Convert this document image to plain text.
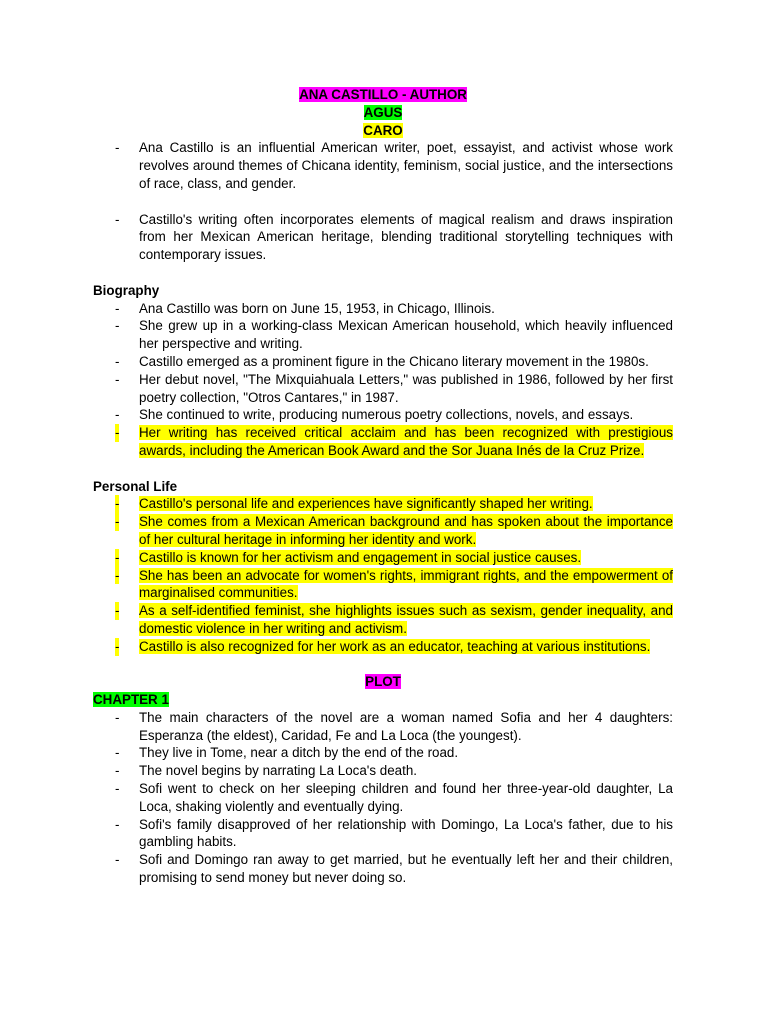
ANA CASTILLO - AUTHOR
AGUS
CARO
- Ana Castillo is an influential American writer, poet, essayist, and activist whose work revolves around themes of Chicana identity, feminism, social justice, and the intersections of race, class, and gender.
- Castillo's writing often incorporates elements of magical realism and draws inspiration from her Mexican American heritage, blending traditional storytelling techniques with contemporary issues.
Biography
- Ana Castillo was born on June 15, 1953, in Chicago, Illinois.
- She grew up in a working-class Mexican American household, which heavily influenced her perspective and writing.
- Castillo emerged as a prominent figure in the Chicano literary movement in the 1980s.
- Her debut novel, "The Mixquiahuala Letters," was published in 1986, followed by her first poetry collection, "Otros Cantares," in 1987.
- She continued to write, producing numerous poetry collections, novels, and essays.
- Her writing has received critical acclaim and has been recognized with prestigious awards, including the American Book Award and the Sor Juana Inés de la Cruz Prize.
Personal Life
- Castillo's personal life and experiences have significantly shaped her writing.
- She comes from a Mexican American background and has spoken about the importance of her cultural heritage in informing her identity and work.
- Castillo is known for her activism and engagement in social justice causes.
- She has been an advocate for women's rights, immigrant rights, and the empowerment of marginalised communities.
- As a self-identified feminist, she highlights issues such as sexism, gender inequality, and domestic violence in her writing and activism.
- Castillo is also recognized for her work as an educator, teaching at various institutions.
PLOT
CHAPTER 1
- The main characters of the novel are a woman named Sofia and her 4 daughters: Esperanza (the eldest), Caridad, Fe and La Loca (the youngest).
- They live in Tome, near a ditch by the end of the road.
- The novel begins by narrating La Loca's death.
- Sofi went to check on her sleeping children and found her three-year-old daughter, La Loca, shaking violently and eventually dying.
- Sofi's family disapproved of her relationship with Domingo, La Loca's father, due to his gambling habits.
- Sofi and Domingo ran away to get married, but he eventually left her and their children, promising to send money but never doing so.
